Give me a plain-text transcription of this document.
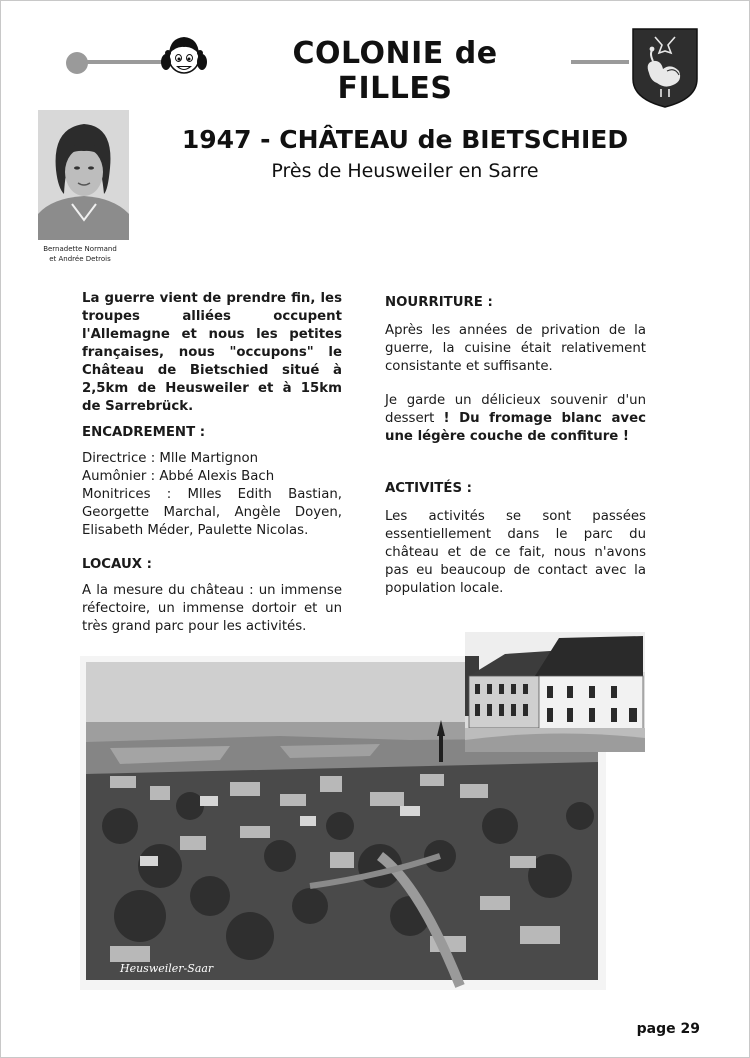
COLONIE de FILLES
Bernadette Normand
et Andrée Detrois
1947 - CHÂTEAU de BIETSCHIED
Près de Heusweiler en Sarre

La guerre vient de prendre fin, les troupes alliées occupent l'Allemagne et nous les petites françaises, nous "occupons" le Château de Bietschied situé à 2,5km de Heusweiler et à 15km de Sarrebrück.

ENCADREMENT :

Directrice : Mlle Martignon

Aumônier : Abbé Alexis Bach

Monitrices : Mlles Edith Bastian, Georgette Marchal, Angèle Doyen, Elisabeth Méder, Paulette Nicolas.

LOCAUX :

A la mesure du château : un immense réfectoire, un immense dortoir et un très grand parc pour les activités.

NOURRITURE :

Après les années de privation de la guerre, la cuisine était relativement consistante et suffisante.

Je garde un délicieux souvenir d'un dessert ! Du fromage blanc avec une légère couche de confiture !

ACTIVITÉS :

Les activités se sont passées essentiellement dans le parc du château et de ce fait, nous n'avons pas eu beaucoup de contact avec la population locale.

Heusweiler-Saar
page 29
